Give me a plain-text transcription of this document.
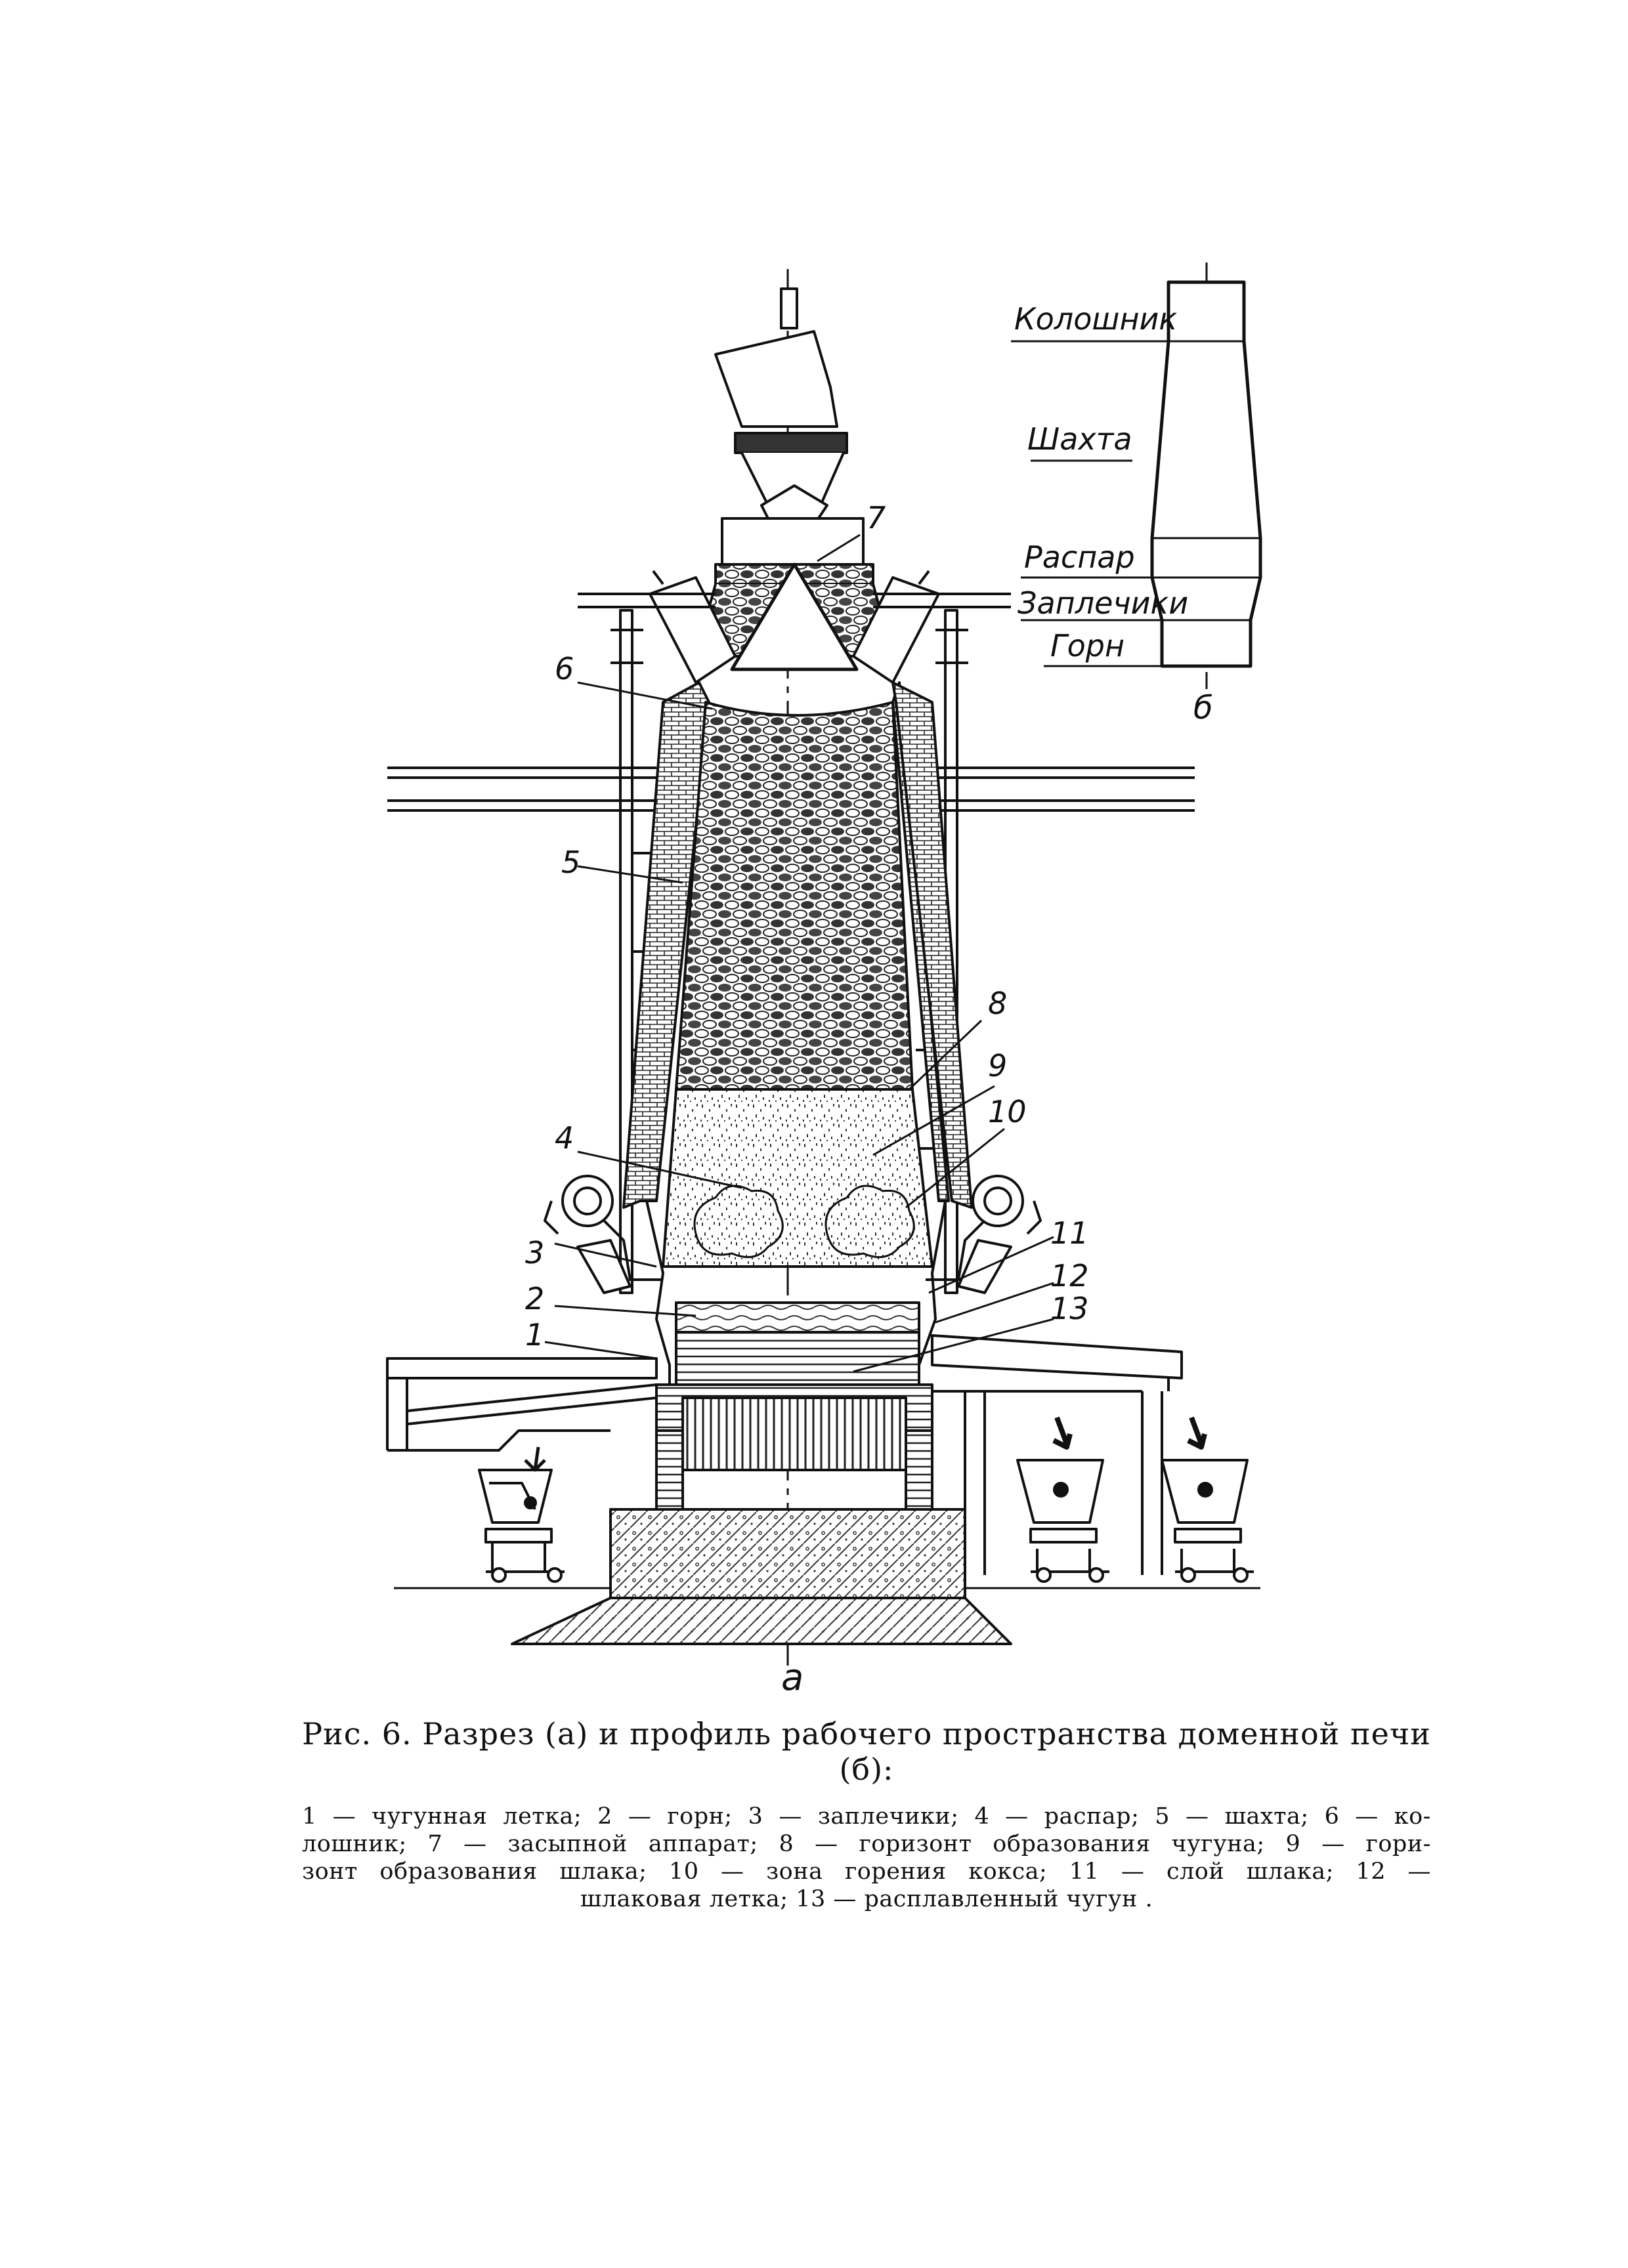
7
6
5
8
9
10
4
3
11
12
2	13
1
Колошник
Шахта
Распар
Заплечики
Горн
б
a
Рис. 6. Разрез (а) и профиль рабочего пространства доменной печи (б):
1 — чугунная летка; 2 — горн; 3 — заплечики; 4 — распар; 5 — шахта; 6 — ко-
лошник; 7 — засыпной аппарат; 8 — горизонт образования чугуна; 9 — гори-
зонт образования шлака; 10 — зона горения кокса; 11 — слой шлака; 12 —
шлаковая летка; 13 — расплавленный чугун .
